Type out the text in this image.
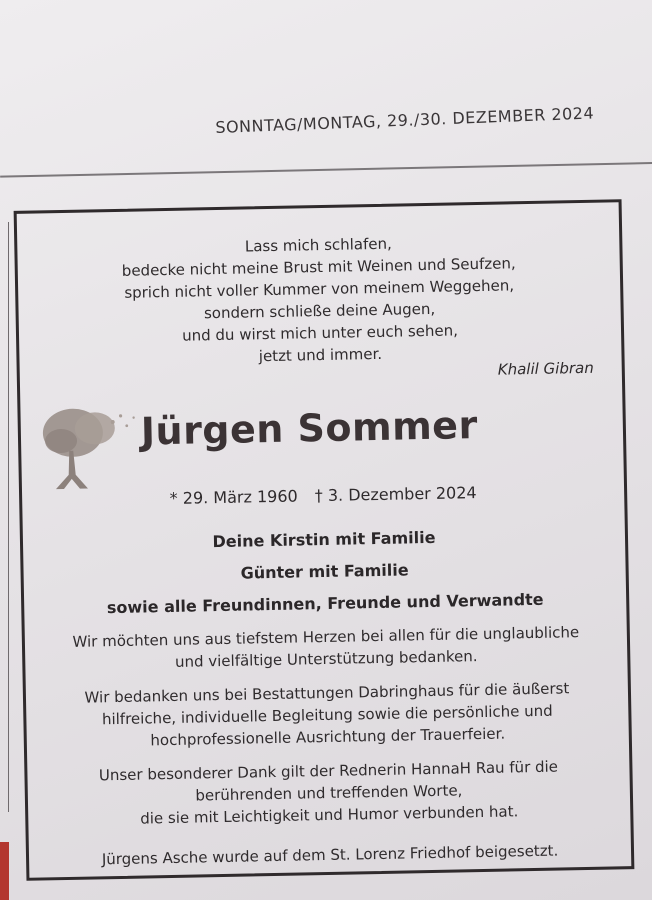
SONNTAG/MONTAG, 29./30. DEZEMBER 2024
Lass mich schlafen,
bedecke nicht meine Brust mit Weinen und Seufzen,
sprich nicht voller Kummer von meinem Weggehen,
sondern schließe deine Augen,
und du wirst mich unter euch sehen,
jetzt und immer.
Khalil Gibran
Jürgen Sommer
* 29. März 1960 † 3. Dezember 2024
Deine Kirstin mit Familie
Günter mit Familie
sowie alle Freundinnen, Freunde und Verwandte
Wir möchten uns aus tiefstem Herzen bei allen für die unglaubliche
und vielfältige Unterstützung bedanken.
Wir bedanken uns bei Bestattungen Dabringhaus für die äußerst
hilfreiche, individuelle Begleitung sowie die persönliche und
hochprofessionelle Ausrichtung der Trauerfeier.
Unser besonderer Dank gilt der Rednerin HannaH Rau für die
berührenden und treffenden Worte,
die sie mit Leichtigkeit und Humor verbunden hat.
Jürgens Asche wurde auf dem St. Lorenz Friedhof beigesetzt.
